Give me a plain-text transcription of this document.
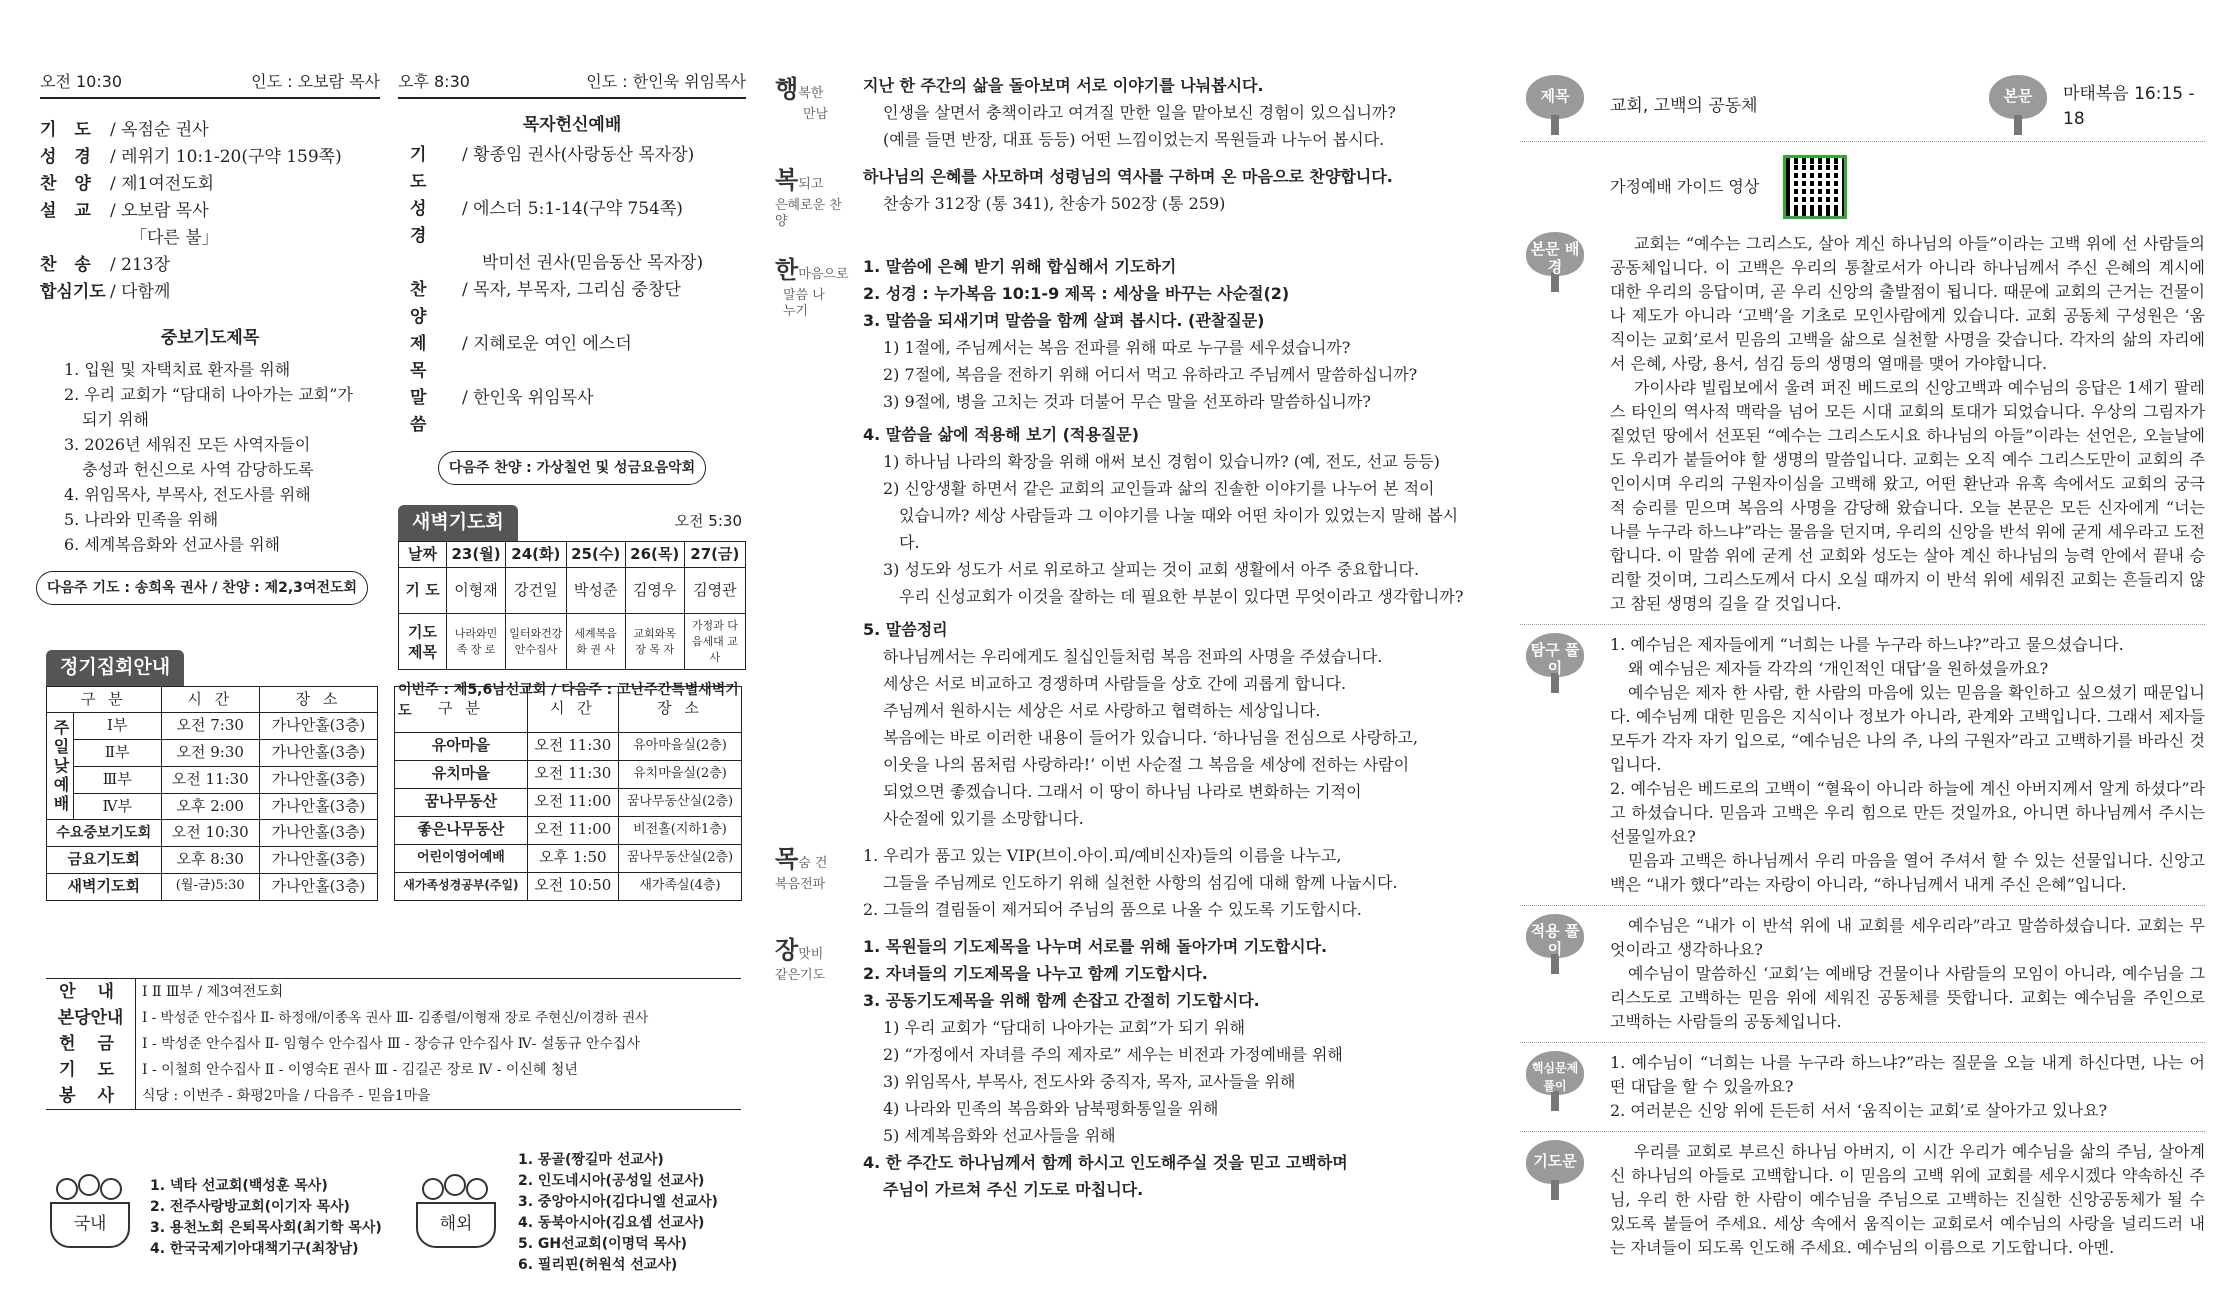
오전 10:30	인도 : 오보람 목사
기 도 / 옥점순 권사
성 경 / 레위기 10:1-20(구약 159쪽)
찬 양 / 제1여전도회
설 교 / 오보람 목사
「다른 불」
찬 송 / 213장
합심기도 / 다함께
중보기도제목
1. 입원 및 자택치료 환자를 위해
2. 우리 교회가 “담대히 나아가는 교회”가
되기 위해
3. 2026년 세워진 모든 사역자들이
충성과 헌신으로 사역 감당하도록
4. 위임목사, 부목사, 전도사를 위해
5. 나라와 민족을 위해
6. 세계복음화와 선교사를 위해
다음주 기도 : 송희옥 권사 / 찬양 : 제2,3여전도회
오후 8:30	인도 : 한인욱 위임목사
목자헌신예배
기 도
/ 황종임 권사(사랑동산 목자장)
성 경
/ 에스더 5:1-14(구약 754쪽)
박미선 권사(믿음동산 목자장)
찬 양
/ 목자, 부목자, 그리심 중창단
제 목
/ 지혜로운 여인 에스더
말 씀
/ 한인욱 위임목사
다음주 찬양 : 가상칠언 및 성금요음악회
새벽기도회	오전 5:30
날짜	23(월)	24(화)	25(수)	26(목)	27(금)
기 도	이형재	강건일	박성준	김영우	김영관
기도 제목	나라와민족 장 로	일터와건강 안수집사	세계복음화 권 사	교회와목장 목 자	가정과 다음세대 교 사
이번주 : 제5,6남선교회 / 다음주 : 고난주간특별새벽기도
정기집회안내
구 분		시 간	장 소
주일낮예배	Ⅰ부	오전 7:30	가나안홀(3층)
	Ⅱ부	오전 9:30	가나안홀(3층)
	Ⅲ부	오전 11:30	가나안홀(3층)
	Ⅳ부	오후 2:00	가나안홀(3층)
수요중보기도회		오전 10:30	가나안홀(3층)
금요기도회		오후 8:30	가나안홀(3층)
새벽기도회		(월-금)5:30	가나안홀(3층)
구 분	시 간	장 소
유아마을	오전 11:30	유아마을실(2층)
유치마을	오전 11:30	유치마을실(2층)
꿈나무동산	오전 11:00	꿈나무동산실(2층)
좋은나무동산	오전 11:00	비전홀(지하1층)
어린이영어예배	오후 1:50	꿈나무동산실(2층)
새가족성경공부(주일)	오전 10:50	새가족실(4층)
안 내	Ⅰ Ⅱ Ⅲ부 / 제3여전도회
본당안내	Ⅰ - 박성준 안수집사 Ⅱ- 하정애/이종옥 권사 Ⅲ- 김종렬/이형재 장로 주현신/이경하 권사
헌 금	Ⅰ - 박성준 안수집사 Ⅱ- 임형수 안수집사 Ⅲ - 장승규 안수집사 Ⅳ- 설동규 안수집사
기 도	Ⅰ - 이철희 안수집사 Ⅱ - 이영숙E 권사 Ⅲ - 김길곤 장로 Ⅳ - 이신혜 청년
봉 사	식당 : 이번주 - 화평2마을 / 다음주 - 믿음1마을
국내
1. 넥타 선교회(백성훈 목사)
2. 전주사랑방교회(이기자 목사)
3. 용천노회 은퇴목사회(최기학 목사)
4. 한국국제기아대책기구(최창남)
해외
1. 몽골(짱길마 선교사)
2. 인도네시아(공성일 선교사)
3. 중앙아시아(김다니엘 선교사)
4. 동북아시아(김요셉 선교사)
5. GH선교회(이명덕 목사)
6. 필리핀(허원석 선교사)
행복한
만남
지난 한 주간의 삶을 돌아보며 서로 이야기를 나눠봅시다.
인생을 살면서 충책이라고 여겨질 만한 일을 맡아보신 경험이 있으십니까?
(예를 들면 반장, 대표 등등) 어떤 느낌이었는지 목원들과 나누어 봅시다.
복되고
은혜로운 찬양
하나님의 은혜를 사모하며 성령님의 역사를 구하며 온 마음으로 찬양합니다.
찬송가 312장 (통 341), 찬송가 502장 (통 259)
한마음으로
말씀 나누기
1. 말씀에 은혜 받기 위해 합심해서 기도하기
2. 성경 : 누가복음 10:1-9 제목 : 세상을 바꾸는 사순절(2)
3. 말씀을 되새기며 말씀을 함께 살펴 봅시다. (관찰질문)
1) 1절에, 주님께서는 복음 전파를 위해 따로 누구를 세우셨습니까?
2) 7절에, 복음을 전하기 위해 어디서 먹고 유하라고 주님께서 말씀하십니까?
3) 9절에, 병을 고치는 것과 더불어 무슨 말을 선포하라 말씀하십니까?
4. 말씀을 삶에 적용해 보기 (적용질문)
1) 하나님 나라의 확장을 위해 애써 보신 경험이 있습니까? (예, 전도, 선교 등등)
2) 신앙생활 하면서 같은 교회의 교인들과 삶의 진솔한 이야기를 나누어 본 적이
있습니까? 세상 사람들과 그 이야기를 나눌 때와 어떤 차이가 있었는지 말해 봅시다.
3) 성도와 성도가 서로 위로하고 살피는 것이 교회 생활에서 아주 중요합니다.
우리 신성교회가 이것을 잘하는 데 필요한 부분이 있다면 무엇이라고 생각합니까?
5. 말씀정리
하나님께서는 우리에게도 칠십인들처럼 복음 전파의 사명을 주셨습니다.
세상은 서로 비교하고 경쟁하며 사람들을 상호 간에 괴롭게 합니다.
주님께서 원하시는 세상은 서로 사랑하고 협력하는 세상입니다.
복음에는 바로 이러한 내용이 들어가 있습니다. ‘하나님을 전심으로 사랑하고,
이웃을 나의 몸처럼 사랑하라!’ 이번 사순절 그 복음을 세상에 전하는 사람이
되었으면 좋겠습니다. 그래서 이 땅이 하나님 나라로 변화하는 기적이
사순절에 있기를 소망합니다.
목숨 건
복음전파
1. 우리가 품고 있는 VIP(브이.아이.피/예비신자)들의 이름을 나누고,
그들을 주님께로 인도하기 위해 실천한 사항의 섬김에 대해 함께 나눕시다.
2. 그들의 결림돌이 제거되어 주님의 품으로 나올 수 있도록 기도합시다.
장맛비
같은기도
1. 목원들의 기도제목을 나누며 서로를 위해 돌아가며 기도합시다.
2. 자녀들의 기도제목을 나누고 함께 기도합시다.
3. 공동기도제목을 위해 함께 손잡고 간절히 기도합시다.
1) 우리 교회가 “담대히 나아가는 교회”가 되기 위해
2) “가정에서 자녀를 주의 제자로” 세우는 비전과 가정예배를 위해
3) 위임목사, 부목사, 전도사와 중직자, 목자, 교사들을 위해
4) 나라와 민족의 복음화와 남북평화통일을 위해
5) 세계복음화와 선교사들을 위해
4. 한 주간도 하나님께서 함께 하시고 인도해주실 것을 믿고 고백하며
주님이 가르쳐 주신 기도로 마칩니다.
제목
교회, 고백의 공동체
본문	마태복음 16:15 - 18
가정예배 가이드 영상
본문 배경
교회는 “예수는 그리스도, 살아 계신 하나님의 아들”이라는 고백 위에 선 사람들의 공동체입니다. 이 고백은 우리의 통찰로서가 아니라 하나님께서 주신 은혜의 계시에 대한 우리의 응답이며, 곧 우리 신앙의 출발점이 됩니다. 때문에 교회의 근거는 건물이나 제도가 아니라 ‘고백’을 기초로 모인사람에게 있습니다. 교회 공동체 구성원은 ‘움직이는 교회’로서 믿음의 고백을 삶으로 실천할 사명을 갖습니다. 각자의 삶의 자리에서 은혜, 사랑, 용서, 섬김 등의 생명의 열매를 맺어 가야합니다.
가이사랴 빌립보에서 울려 퍼진 베드로의 신앙고백과 예수님의 응답은 1세기 팔레스 타인의 역사적 맥락을 넘어 모든 시대 교회의 토대가 되었습니다. 우상의 그림자가 짙었던 땅에서 선포된 “예수는 그리스도시요 하나님의 아들”이라는 선언은, 오늘날에도 우리가 붙들어야 할 생명의 말씀입니다. 교회는 오직 예수 그리스도만이 교회의 주인이시며 우리의 구원자이심을 고백해 왔고, 어떤 환난과 유혹 속에서도 교회의 궁극적 승리를 믿으며 복음의 사명을 감당해 왔습니다. 오늘 본문은 모든 신자에게 “너는 나를 누구라 하느냐”라는 물음을 던지며, 우리의 신앙을 반석 위에 굳게 세우라고 도전합니다. 이 말씀 위에 굳게 선 교회와 성도는 살아 계신 하나님의 능력 안에서 끝내 승리할 것이며, 그리스도께서 다시 오실 때까지 이 반석 위에 세워진 교회는 흔들리지 않고 참된 생명의 길을 갈 것입니다.
탐구 풀이
1. 예수님은 제자들에게 “너희는 나를 누구라 하느냐?”라고 물으셨습니다.
왜 예수님은 제자들 각각의 ‘개인적인 대답’을 원하셨을까요?
예수님은 제자 한 사람, 한 사람의 마음에 있는 믿음을 확인하고 싶으셨기 때문입니다. 예수님께 대한 믿음은 지식이나 정보가 아니라, 관계와 고백입니다. 그래서 제자들 모두가 각자 자기 입으로, “예수님은 나의 주, 나의 구원자”라고 고백하기를 바라신 것입니다.
2. 예수님은 베드로의 고백이 “혈육이 아니라 하늘에 계신 아버지께서 알게 하셨다”라고 하셨습니다. 믿음과 고백은 우리 힘으로 만든 것일까요, 아니면 하나님께서 주시는 선물일까요?
믿음과 고백은 하나님께서 우리 마음을 열어 주셔서 할 수 있는 선물입니다. 신앙고백은 “내가 했다”라는 자랑이 아니라, “하나님께서 내게 주신 은혜”입니다.
적용 풀이
예수님은 “내가 이 반석 위에 내 교회를 세우리라”라고 말씀하셨습니다. 교회는 무엇이라고 생각하나요?
예수님이 말씀하신 ‘교회’는 예배당 건물이나 사람들의 모임이 아니라, 예수님을 그리스도로 고백하는 믿음 위에 세워진 공동체를 뜻합니다. 교회는 예수님을 주인으로 고백하는 사람들의 공동체입니다.
핵심문제 풀이
1. 예수님이 “너희는 나를 누구라 하느냐?”라는 질문을 오늘 내게 하신다면, 나는 어떤 대답을 할 수 있을까요?
2. 여러분은 신앙 위에 든든히 서서 ‘움직이는 교회’로 살아가고 있나요?
기도문	우리를 교회로 부르신 하나님 아버지, 이 시간 우리가 예수님을 삶의 주님, 살아계신 하나님의 아들로 고백합니다. 이 믿음의 고백 위에 교회를 세우시겠다 약속하신 주님, 우리 한 사람 한 사람이 예수님을 주님으로 고백하는 진실한 신앙공동체가 될 수 있도록 붙들어 주세요. 세상 속에서 움직이는 교회로서 예수님의 사랑을 널리드러 내는 자녀들이 되도록 인도해 주세요. 예수님의 이름으로 기도합니다. 아멘.
